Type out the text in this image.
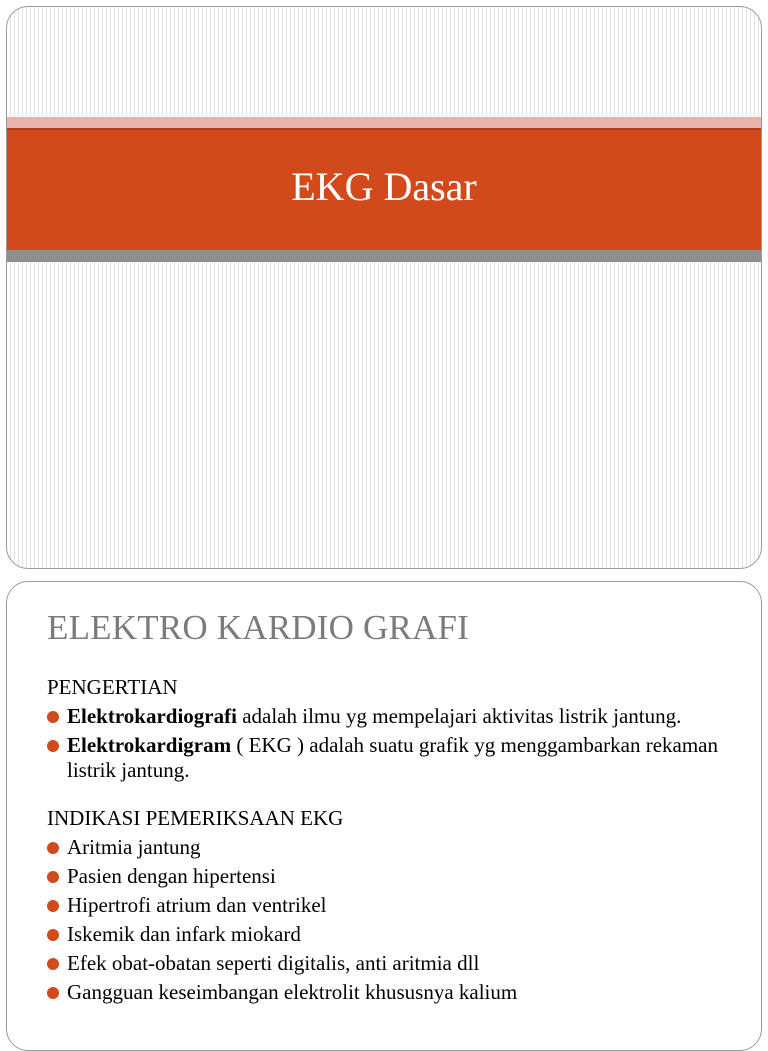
EKG Dasar
ELEKTRO KARDIO GRAFI
PENGERTIAN
Elektrokardiografi adalah ilmu yg mempelajari aktivitas listrik jantung.
Elektrokardigram ( EKG ) adalah suatu grafik yg menggambarkan rekaman listrik jantung.
INDIKASI PEMERIKSAAN EKG
Aritmia jantung
Pasien dengan hipertensi
Hipertrofi atrium dan ventrikel
Iskemik dan infark miokard
Efek obat-obatan seperti digitalis, anti aritmia dll
Gangguan keseimbangan elektrolit khususnya kalium
